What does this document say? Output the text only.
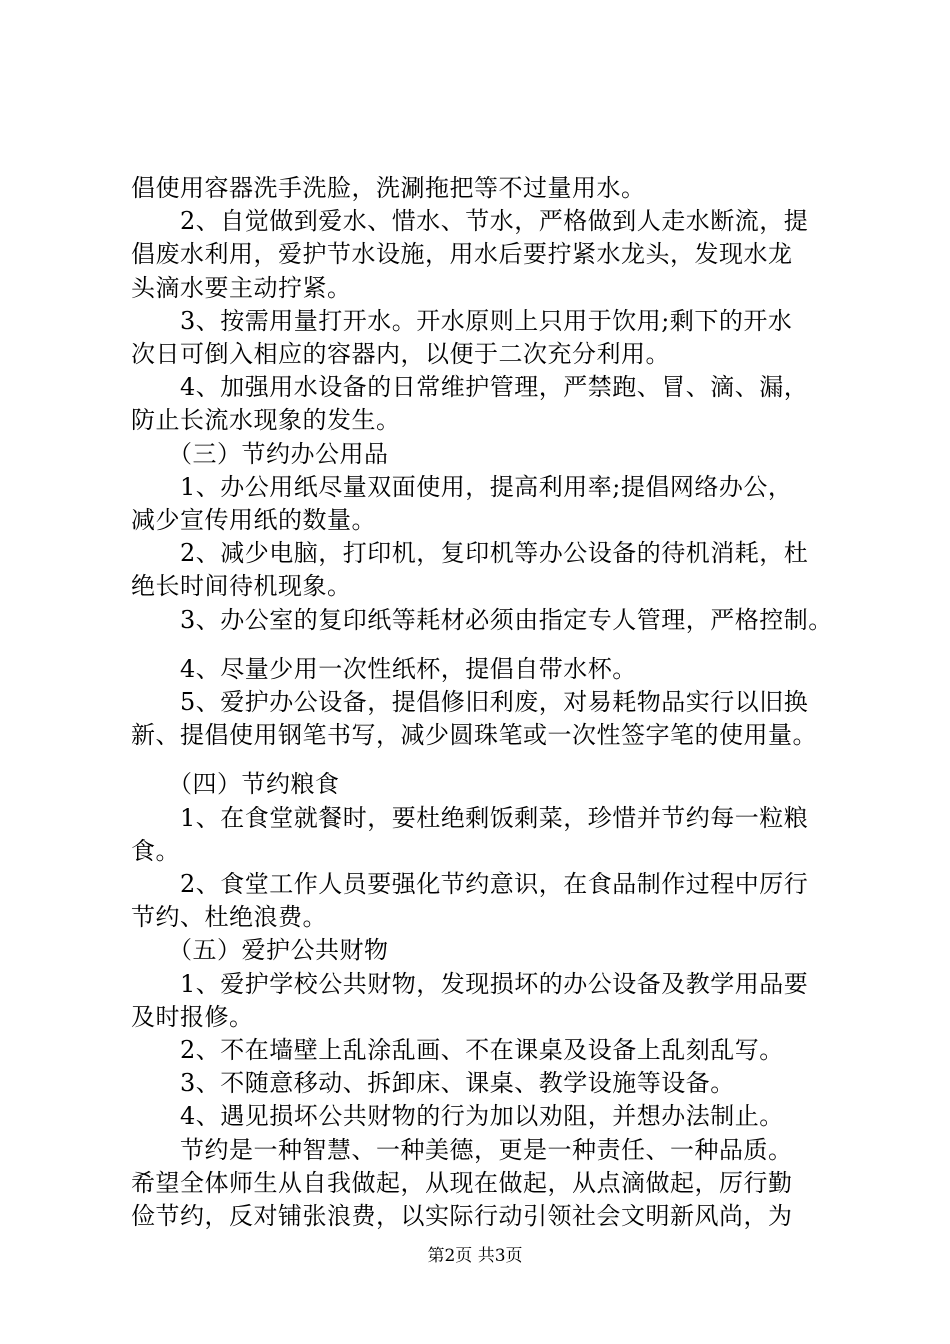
倡使用容器洗手洗脸，洗涮拖把等不过量用水。
　　2、自觉做到爱水、惜水、节水，严格做到人走水断流，提
倡废水利用，爱护节水设施，用水后要拧紧水龙头，发现水龙
头滴水要主动拧紧。
　　3、按需用量打开水。开水原则上只用于饮用;剩下的开水
次日可倒入相应的容器内，以便于二次充分利用。
　　4、加强用水设备的日常维护管理，严禁跑、冒、滴、漏，
防止长流水现象的发生。
　　（三）节约办公用品
　　1、办公用纸尽量双面使用，提高利用率;提倡网络办公，
减少宣传用纸的数量。
　　2、减少电脑，打印机，复印机等办公设备的待机消耗，杜
绝长时间待机现象。
　　3、办公室的复印纸等耗材必须由指定专人管理，严格控制。
　　4、尽量少用一次性纸杯，提倡自带水杯。
　　5、爱护办公设备，提倡修旧利废，对易耗物品实行以旧换
新、提倡使用钢笔书写，减少圆珠笔或一次性签字笔的使用量。
　　（四）节约粮食
　　1、在食堂就餐时，要杜绝剩饭剩菜，珍惜并节约每一粒粮
食。
　　2、食堂工作人员要强化节约意识，在食品制作过程中厉行
节约、杜绝浪费。
　　（五）爱护公共财物
　　1、爱护学校公共财物，发现损坏的办公设备及教学用品要
及时报修。
　　2、不在墙壁上乱涂乱画、不在课桌及设备上乱刻乱写。
　　3、不随意移动、拆卸床、课桌、教学设施等设备。
　　4、遇见损坏公共财物的行为加以劝阻，并想办法制止。
　　节约是一种智慧、一种美德，更是一种责任、一种品质。
第2页 共3页
希望全体师生从自我做起，从现在做起，从点滴做起，厉行勤
俭节约，反对铺张浪费，以实际行动引领社会文明新风尚，为
